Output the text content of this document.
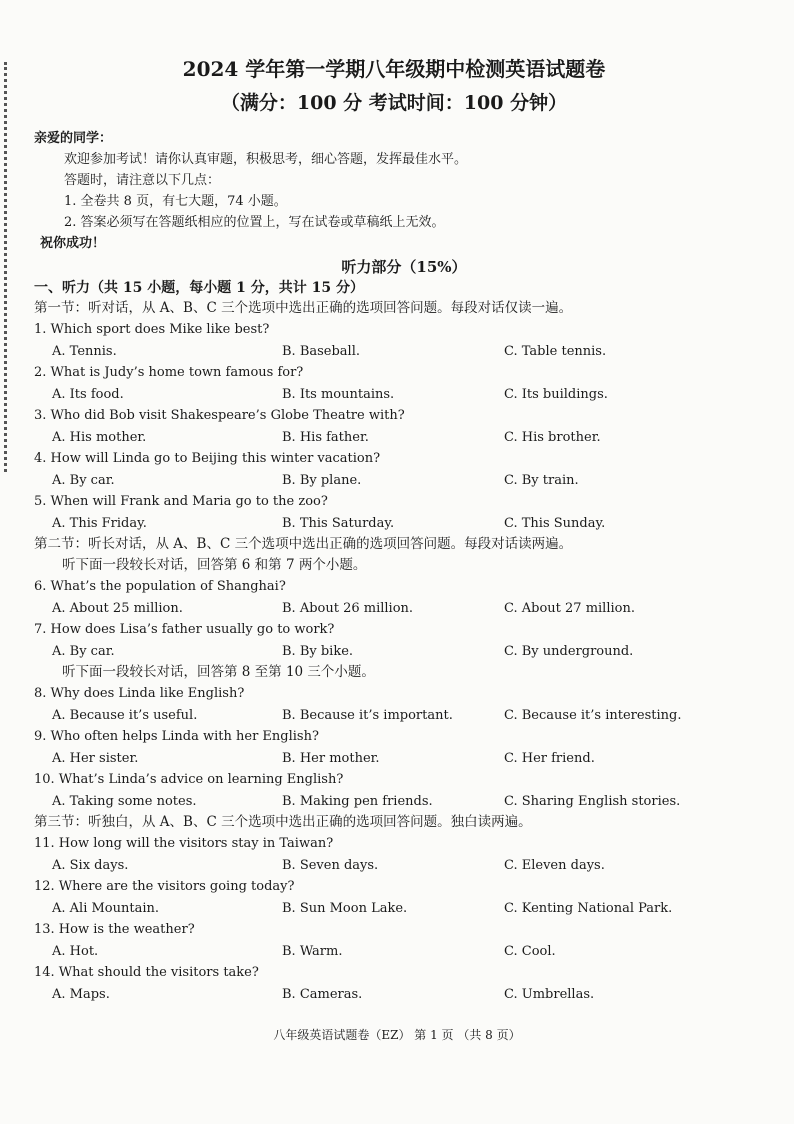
2024 学年第一学期八年级期中检测英语试题卷
（满分：100 分 考试时间：100 分钟）
亲爱的同学：
欢迎参加考试！请你认真审题，积极思考，细心答题，发挥最佳水平。
答题时，请注意以下几点：
1. 全卷共 8 页，有七大题，74 小题。
2. 答案必须写在答题纸相应的位置上，写在试卷或草稿纸上无效。
祝你成功！
听力部分（15%）
一、听力（共 15 小题，每小题 1 分，共计 15 分）
第一节：听对话，从 A、B、C 三个选项中选出正确的选项回答问题。每段对话仅读一遍。
1. Which sport does Mike like best?
A. Tennis.	B. Baseball.	C. Table tennis.
2. What is Judy’s home town famous for?
A. Its food.	B. Its mountains.	C. Its buildings.
3. Who did Bob visit Shakespeare’s Globe Theatre with?
A. His mother.	B. His father.	C. His brother.
4. How will Linda go to Beijing this winter vacation?
A. By car.	B. By plane.	C. By train.
5. When will Frank and Maria go to the zoo?
A. This Friday.	B. This Saturday.	C. This Sunday.
第二节：听长对话，从 A、B、C 三个选项中选出正确的选项回答问题。每段对话读两遍。
听下面一段较长对话，回答第 6 和第 7 两个小题。
6. What’s the population of Shanghai?
A. About 25 million.	B. About 26 million.	C. About 27 million.
7. How does Lisa’s father usually go to work?
A. By car.	B. By bike.	C. By underground.
听下面一段较长对话，回答第 8 至第 10 三个小题。
8. Why does Linda like English?
A. Because it’s useful.	B. Because it’s important.	C. Because it’s interesting.
9. Who often helps Linda with her English?
A. Her sister.	B. Her mother.	C. Her friend.
10. What’s Linda’s advice on learning English?
A. Taking some notes.	B. Making pen friends.	C. Sharing English stories.
第三节：听独白，从 A、B、C 三个选项中选出正确的选项回答问题。独白读两遍。
11. How long will the visitors stay in Taiwan?
A. Six days.	B. Seven days.	C. Eleven days.
12. Where are the visitors going today?
A. Ali Mountain.	B. Sun Moon Lake.	C. Kenting National Park.
13. How is the weather?
A. Hot.	B. Warm.	C. Cool.
14. What should the visitors take?
A. Maps.	B. Cameras.	C. Umbrellas.
八年级英语试题卷（EZ） 第 1 页 （共 8 页）
